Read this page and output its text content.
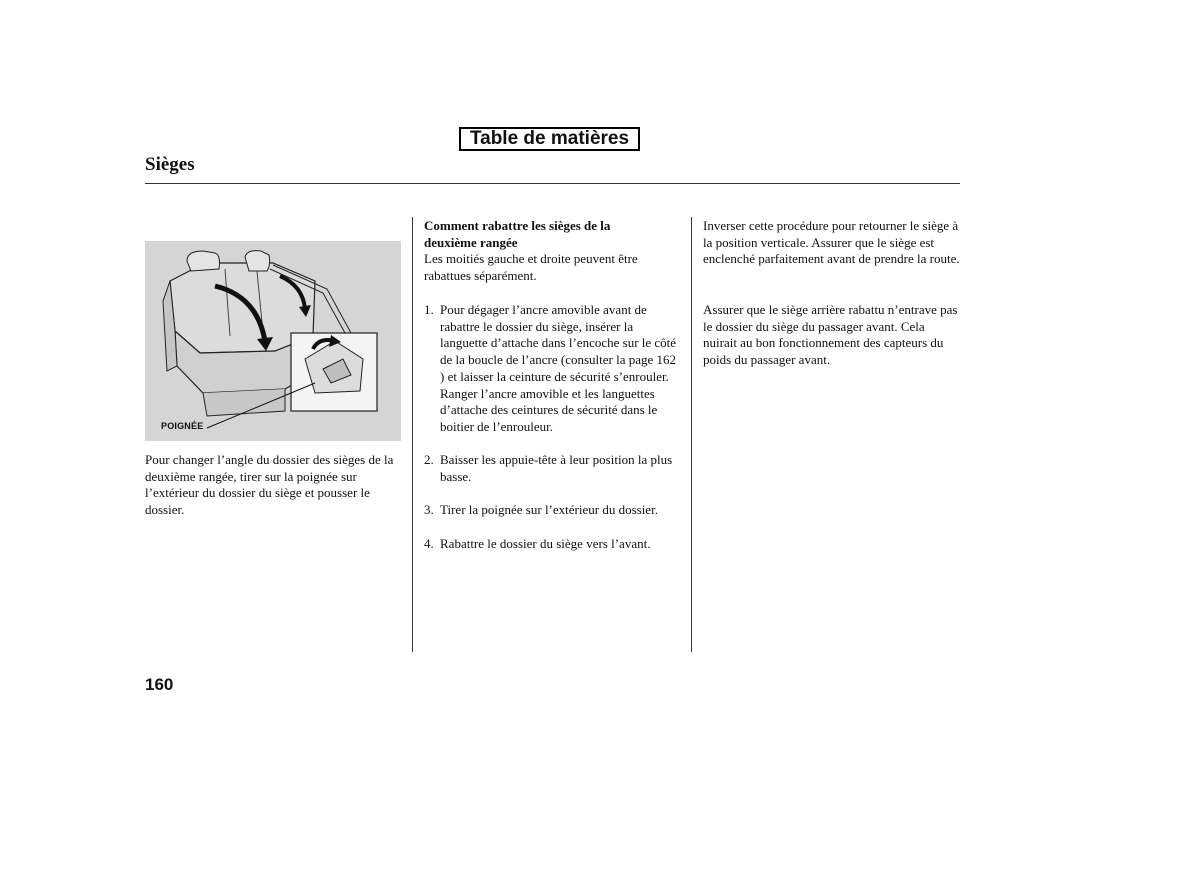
Table de matières
Sièges
POIGNÉE

Pour changer l’angle du dossier des sièges de la deuxième rangée, tirer sur la poignée sur l’extérieur du dossier du siège et pousser le dossier.

Comment rabattre les sièges de la
deuxième rangée

Les moitiés gauche et droite peuvent être rabattues séparément.

1. Pour dégager l’ancre amovible avant de rabattre le dossier du siège, insérer la languette d’attache dans l’encoche sur le côté de la boucle de l’ancre (consulter la page 162 ) et laisser la ceinture de sécurité s’enrouler. Ranger l’ancre amovible et les languettes d’attache des ceintures de sécurité dans le boitier de l’enrouleur.
2. Baisser les appuie-tête à leur position la plus basse.
3. Tirer la poignée sur l’extérieur du dossier.
4. Rabattre le dossier du siège vers l’avant.

Inverser cette procédure pour retourner le siège à la position verticale. Assurer que le siège est enclenché parfaitement avant de prendre la route.

Assurer que le siège arrière rabattu n’entrave pas le dossier du siège du passager avant. Cela nuirait au bon fonctionnement des capteurs du poids du passager avant.

160
